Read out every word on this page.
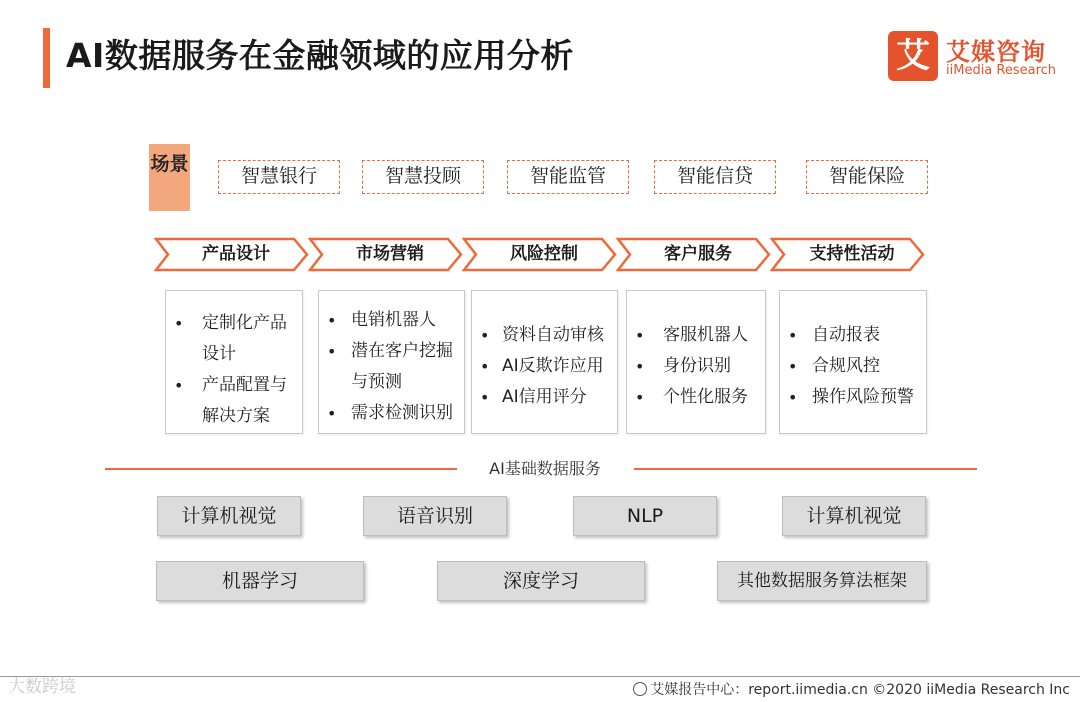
AI数据服务在金融领域的应用分析	艾 艾媒咨询
iiMedia Research
场景
智慧银行	智慧投顾	智能监管	智能信贷	智能保险
产品设计	市场营销	风险控制	客户服务	支持性活动
• 定制化产品
设计
• 产品配置与
解决方案
• 电销机器人
• 潜在客户挖掘
与预测
• 需求检测识别
• 资料自动审核
• AI反欺诈应用
• AI信用评分
• 客服机器人
• 身份识别
• 个性化服务
• 自动报表
• 合规风控
• 操作风险预警
AI基础数据服务
计算机视觉	语音识别	NLP	计算机视觉
机器学习	深度学习	其他数据服务算法框架
大数跨境	艾媒报告中心：report.iimedia.cn ©2020 iiMedia Research Inc
